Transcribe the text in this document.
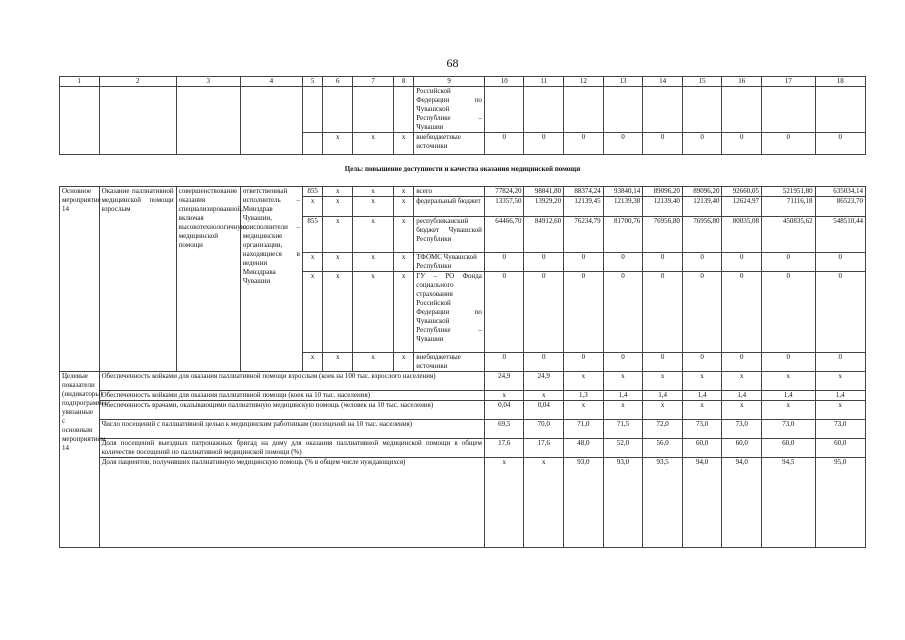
68
1	2	3	4	5	6	7	8	9	10	11	12	13	14	15	16	17	18
								Российской Федерации по Чувашской Республике – Чувашии									
					x	x	x	внебюджетные источники	0	0	0	0	0	0	0	0	0
Цель: повышение доступности и качества оказания медицинской помощи																	
Основное мероприятие 14	Оказание паллиативной медицинской помощи взрослым	совершенствование оказания специализированной, включая высокотехнологичную, медицинской помощи	ответственный исполнитель – Минздрав Чувашии, соисполнители – медицинские организации, находящиеся в ведении Минздрава Чувашии	855	x	x	x	всего	77824,20	98841,80	88374,24	93840,14	89096,20	89096,20	92660,05	521951,80	635034,14
				x	x	x	x	федеральный бюджет	13357,50	13929,20	12139,45	12139,38	12139,40	12139,40	12624,97	71116,18	86523,70
				855	x	x	x	республиканский бюджет Чувашской Республики	64466,70	84912,60	76234,79	81700,76	76956,80	76956,80	80035,08	450835,62	548510,44
				x	x	x	x	ТФОМС Чувашской Республики	0	0	0	0	0	0	0	0	0
				x	x	x	x	ГУ – РО Фонда социального страхования Российской Федерации по Чувашской Республике – Чувашии	0	0	0	0	0	0	0	0	0
				x	x	x	x	внебюджетные источники	0	0	0	0	0	0	0	0	0
Целевые показатели (индикаторы) подпрограммы, увязанные с основным мероприятием 14	Обеспеченность койками для оказания паллиативной помощи взрослым (коек на 100 тыс. взрослого населения)								24,9	24,9	x	x	x	x	x	x	x
	Обеспеченность койками для оказания паллиативной помощи (коек на 10 тыс. населения)								x	x	1,3	1,4	1,4	1,4	1,4	1,4	1,4
	Обеспеченность врачами, оказывающими паллиативную медицинскую помощь (человек на 10 тыс. населения)								0,04	0,04	x	x	x	x	x	x	x
	Число посещений с паллиативной целью к медицинским работникам (посещений на 10 тыс. населения)								69,5	70,0	71,0	71,5	72,0	73,0	73,0	73,0	73,0
	Доля посещений выездных патронажных бригад на дому для оказания паллиативной медицинской помощи в общем количестве посещений по паллиативной медицинской помощи (%)								17,6	17,6	48,0	52,0	56,0	60,0	60,0	60,0	60,0
	Доля пациентов, получивших паллиативную медицинскую помощь (% в общем числе нуждающихся)								x	x	93,0	93,0	93,5	94,0	94,0	94,5	95,0
